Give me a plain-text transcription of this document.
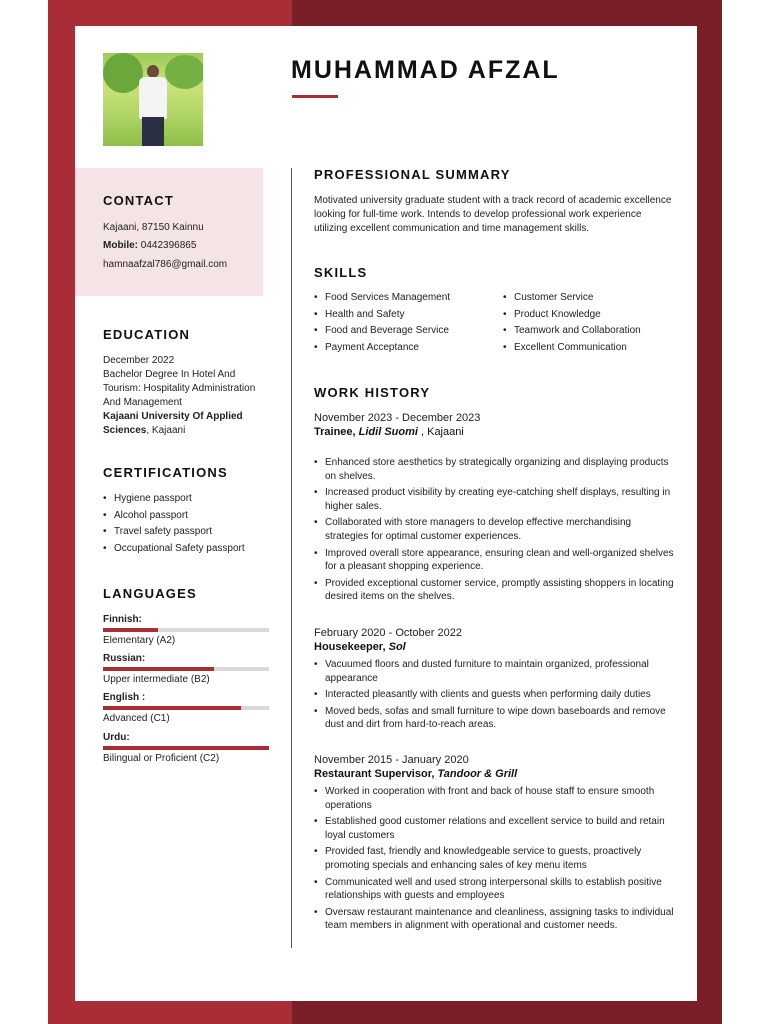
MUHAMMAD AFZAL
CONTACT
Kajaani, 87150 Kainnu
Mobile: 0442396865
hamnaafzal786@gmail.com
EDUCATION
December 2022
Bachelor Degree In Hotel And Tourism: Hospitality Administration And Management
Kajaani University Of Applied Sciences, Kajaani
CERTIFICATIONS
• Hygiene passport
• Alcohol passport
• Travel safety passport
• Occupational Safety passport
LANGUAGES
Finnish:
Elementary (A2)
Russian:
Upper intermediate (B2)
English :
Advanced (C1)
Urdu:
Bilingual or Proficient (C2)
PROFESSIONAL SUMMARY
Motivated university graduate student with a track record of academic excellence looking for full-time work. Intends to develop professional work experience utilizing excellent communication and time management skills.
SKILLS
• Food Services Management
• Health and Safety
• Food and Beverage Service
• Payment Acceptance
• Customer Service
• Product Knowledge
• Teamwork and Collaboration
• Excellent Communication
WORK HISTORY
November 2023 - December 2023
Trainee, Lidil Suomi , Kajaani
• Enhanced store aesthetics by strategically organizing and displaying products on shelves.
• Increased product visibility by creating eye-catching shelf displays, resulting in higher sales.
• Collaborated with store managers to develop effective merchandising strategies for optimal customer experiences.
• Improved overall store appearance, ensuring clean and well-organized shelves for a pleasant shopping experience.
• Provided exceptional customer service, promptly assisting shoppers in locating desired items on the shelves.
February 2020 - October 2022
Housekeeper, Sol
• Vacuumed floors and dusted furniture to maintain organized, professional appearance
• Interacted pleasantly with clients and guests when performing daily duties
• Moved beds, sofas and small furniture to wipe down baseboards and remove dust and dirt from hard-to-reach areas.
November 2015 - January 2020
Restaurant Supervisor, Tandoor & Grill
• Worked in cooperation with front and back of house staff to ensure smooth operations
• Established good customer relations and excellent service to build and retain loyal customers
• Provided fast, friendly and knowledgeable service to guests, proactively promoting specials and enhancing sales of key menu items
• Communicated well and used strong interpersonal skills to establish positive relationships with guests and employees
• Oversaw restaurant maintenance and cleanliness, assigning tasks to individual team members in alignment with operational and customer needs.
